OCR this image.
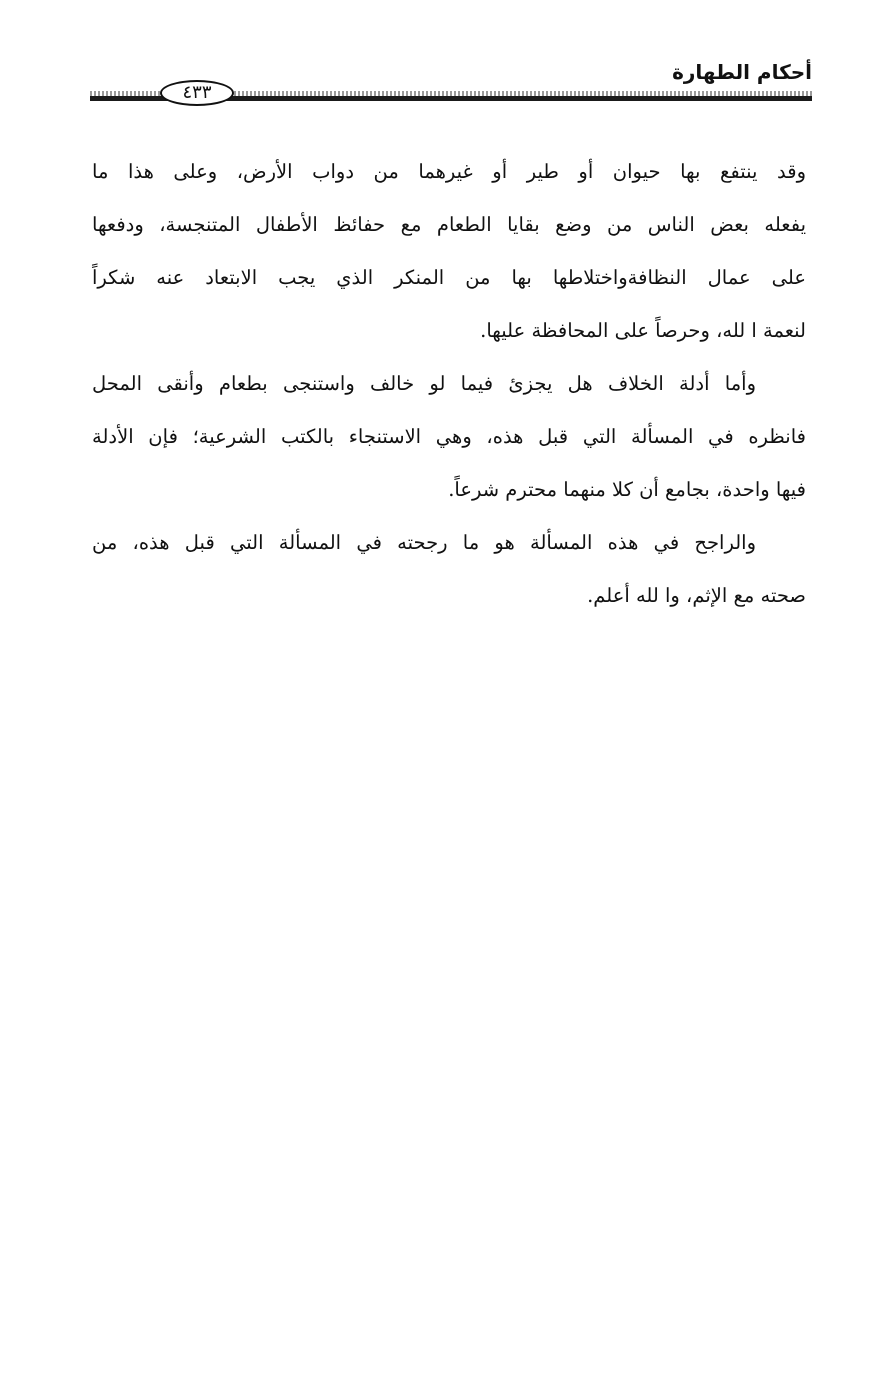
أحكام الطهارة
٤٣٣

وقد ينتفع بها حيوان أو طير أو غيرهما من دواب الأرض، وعلى هذا ما
يفعله بعض الناس من وضع بقايا الطعام مع حفائظ الأطفال المتنجسة، ودفعها
على عمال النظافةواختلاطها بها من المنكر الذي يجب الابتعاد عنه شكراً
لنعمة ا لله، وحرصاً على المحافظة عليها.

وأما أدلة الخلاف هل يجزئ فيما لو خالف واستنجى بطعام وأنقى المحل
فانظره في المسألة التي قبل هذه، وهي الاستنجاء بالكتب الشرعية؛ فإن الأدلة
فيها واحدة، بجامع أن كلا منهما محترم شرعاً.

والراجح في هذه المسألة هو ما رجحته في المسألة التي قبل هذه، من
صحته مع الإثم، وا لله أعلم.
